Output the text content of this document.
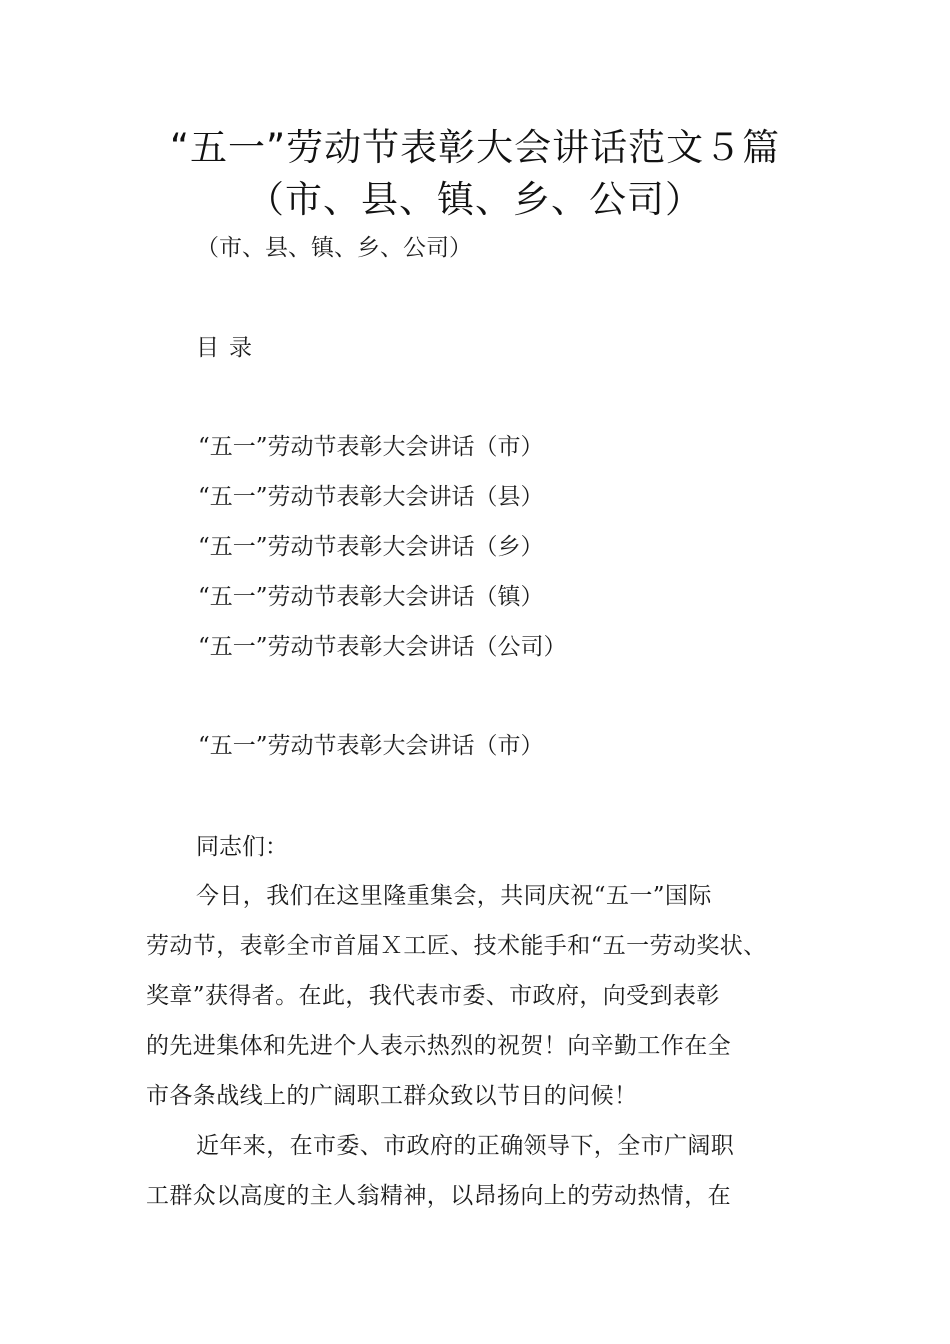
“五一”劳动节表彰大会讲话范文５篇
（市、县、镇、乡、公司）
（市、县、镇、乡、公司）
目录
“五一”劳动节表彰大会讲话（市）
“五一”劳动节表彰大会讲话（县）
“五一”劳动节表彰大会讲话（乡）
“五一”劳动节表彰大会讲话（镇）
“五一”劳动节表彰大会讲话（公司）
“五一”劳动节表彰大会讲话（市）
同志们：
今日，我们在这里隆重集会，共同庆祝“五一”国际
劳动节，表彰全市首届Ｘ工匠、技术能手和“五一劳动奖状、
奖章”获得者。在此，我代表市委、市政府，向受到表彰
的先进集体和先进个人表示热烈的祝贺！向辛勤工作在全
市各条战线上的广阔职工群众致以节日的问候！
近年来，在市委、市政府的正确领导下，全市广阔职
工群众以高度的主人翁精神，以昂扬向上的劳动热情，在
